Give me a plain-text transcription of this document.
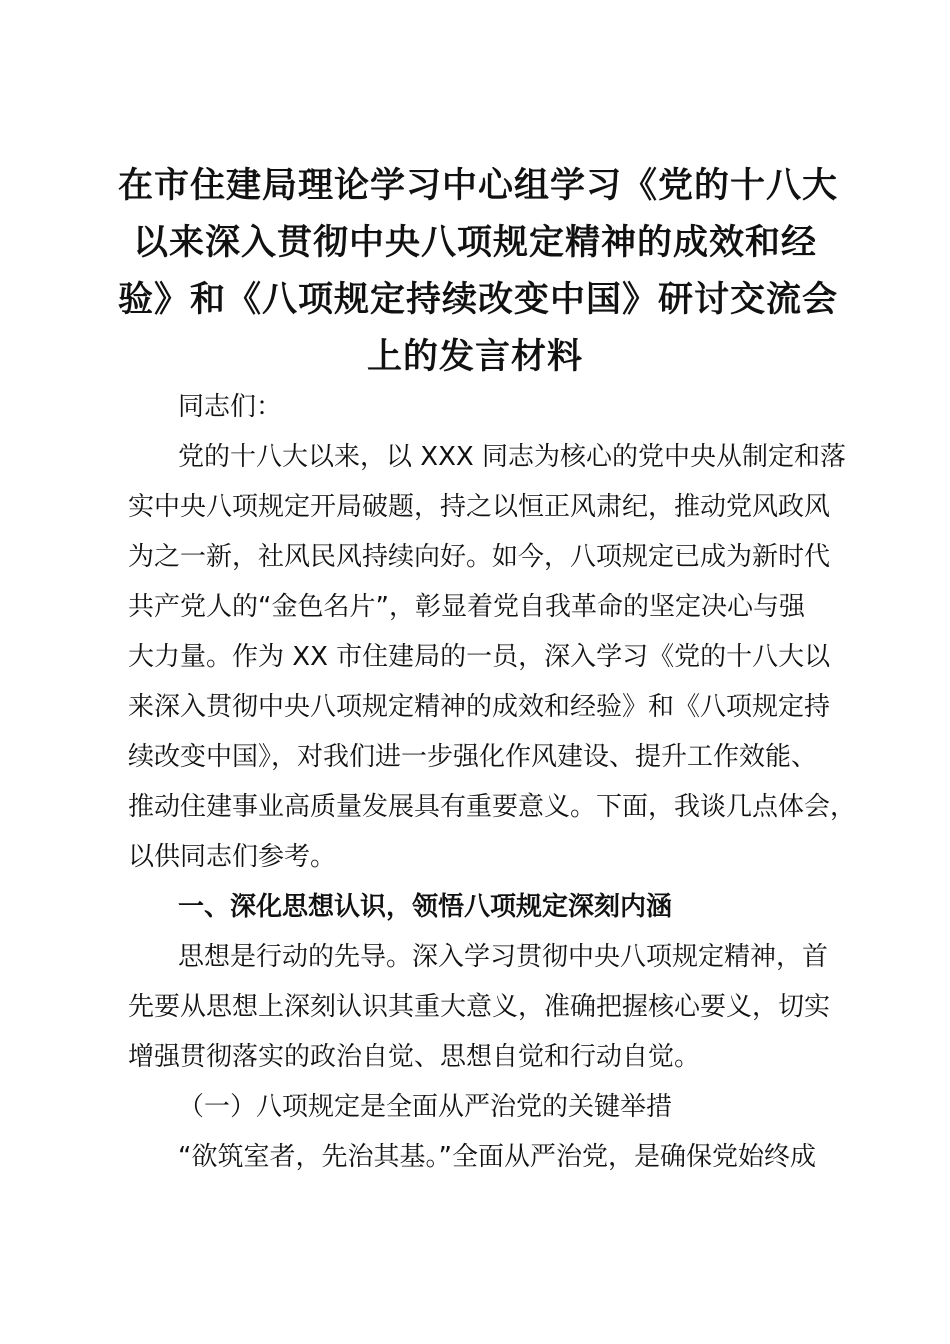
在市住建局理论学习中心组学习《党的十八大
以来深入贯彻中央八项规定精神的成效和经
验》和《八项规定持续改变中国》研讨交流会
上的发言材料
同志们：
党的十八大以来，以 XXX 同志为核心的党中央从制定和落
实中央八项规定开局破题，持之以恒正风肃纪，推动党风政风
为之一新，社风民风持续向好。如今，八项规定已成为新时代
共产党人的“金色名片”，彰显着党自我革命的坚定决心与强
大力量。作为 XX 市住建局的一员，深入学习《党的十八大以
来深入贯彻中央八项规定精神的成效和经验》和《八项规定持
续改变中国》，对我们进一步强化作风建设、提升工作效能、
推动住建事业高质量发展具有重要意义。下面，我谈几点体会，
以供同志们参考。
一、深化思想认识，领悟八项规定深刻内涵
思想是行动的先导。深入学习贯彻中央八项规定精神，首
先要从思想上深刻认识其重大意义，准确把握核心要义，切实
增强贯彻落实的政治自觉、思想自觉和行动自觉。
（一）八项规定是全面从严治党的关键举措
“欲筑室者，先治其基。”全面从严治党，是确保党始终成
